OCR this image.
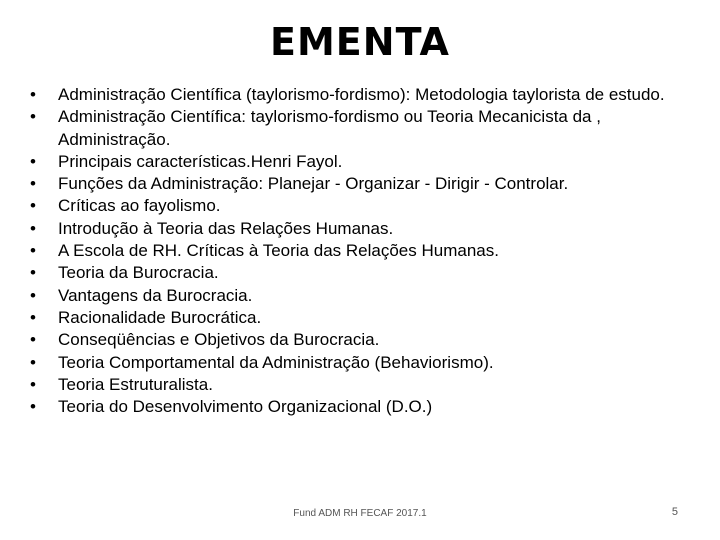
EMENTA
•	Administração Científica (taylorismo-fordismo): Metodologia taylorista de estudo.
•	Administração Científica: taylorismo-fordismo ou Teoria Mecanicista da , Administração.
•	Principais características.Henri Fayol.
•	Funções da Administração: Planejar - Organizar - Dirigir - Controlar.
•	Críticas ao fayolismo.
•	Introdução à Teoria das Relações Humanas.
•	A Escola de RH. Críticas à Teoria das Relações Humanas.
•	Teoria da Burocracia.
•	Vantagens da Burocracia.
•	Racionalidade Burocrática.
•	Conseqüências e Objetivos da Burocracia.
•	Teoria Comportamental da Administração (Behaviorismo).
•	Teoria Estruturalista.
•	Teoria do Desenvolvimento Organizacional (D.O.)
Fund ADM RH FECAF 2017.1	5
